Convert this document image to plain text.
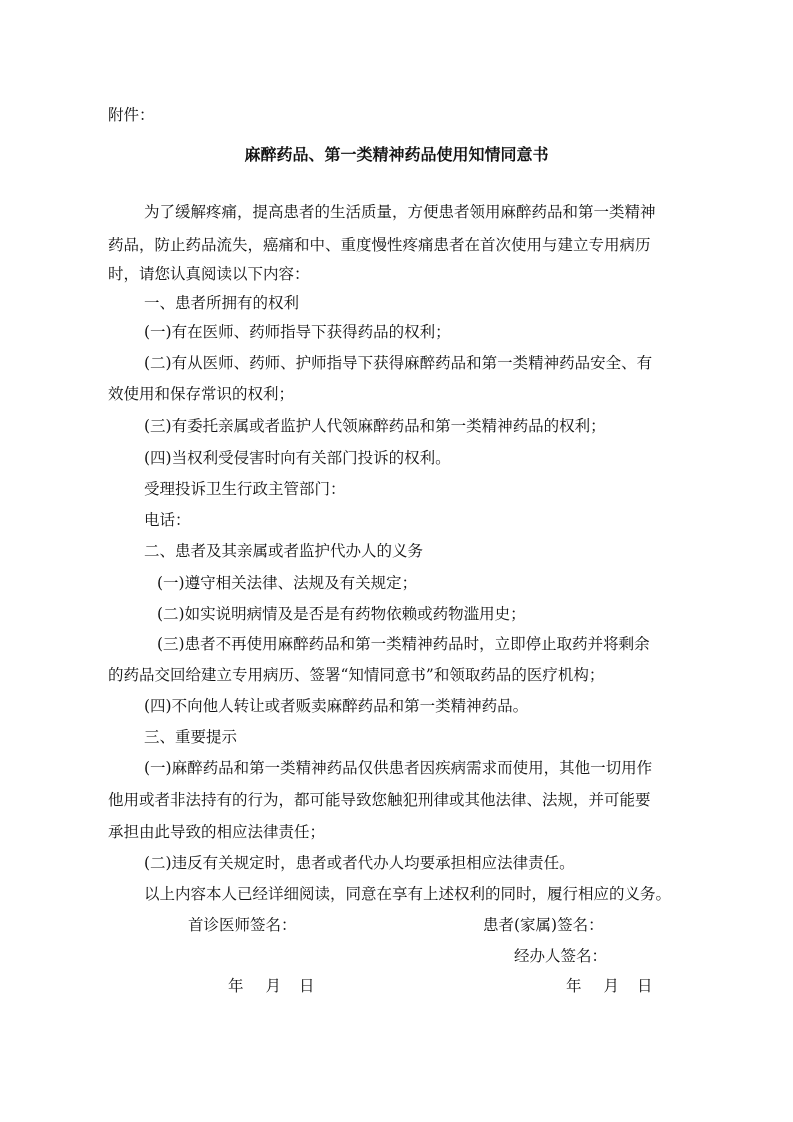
附件：

麻醉药品、第一类精神药品使用知情同意书

为了缓解疼痛，提高患者的生活质量，方便患者领用麻醉药品和第一类精神

药品，防止药品流失，癌痛和中、重度慢性疼痛患者在首次使用与建立专用病历

时，请您认真阅读以下内容：

一、患者所拥有的权利

(一)有在医师、药师指导下获得药品的权利；

(二)有从医师、药师、护师指导下获得麻醉药品和第一类精神药品安全、有

效使用和保存常识的权利；

(三)有委托亲属或者监护人代领麻醉药品和第一类精神药品的权利；

(四)当权利受侵害时向有关部门投诉的权利。

受理投诉卫生行政主管部门：

电话：

二、患者及其亲属或者监护代办人的义务

(一)遵守相关法律、法规及有关规定；

(二)如实说明病情及是否是有药物依赖或药物滥用史；

(三)患者不再使用麻醉药品和第一类精神药品时，立即停止取药并将剩余

的药品交回给建立专用病历、签署“知情同意书”和领取药品的医疗机构；

(四)不向他人转让或者贩卖麻醉药品和第一类精神药品。

三、重要提示

(一)麻醉药品和第一类精神药品仅供患者因疾病需求而使用，其他一切用作

他用或者非法持有的行为，都可能导致您触犯刑律或其他法律、法规，并可能要

承担由此导致的相应法律责任；

(二)违反有关规定时，患者或者代办人均要承担相应法律责任。

以上内容本人已经详细阅读，同意在享有上述权利的同时，履行相应的义务。

首诊医师签名：	患者(家属)签名：
经办人签名：
年 月 日	年 月 日
